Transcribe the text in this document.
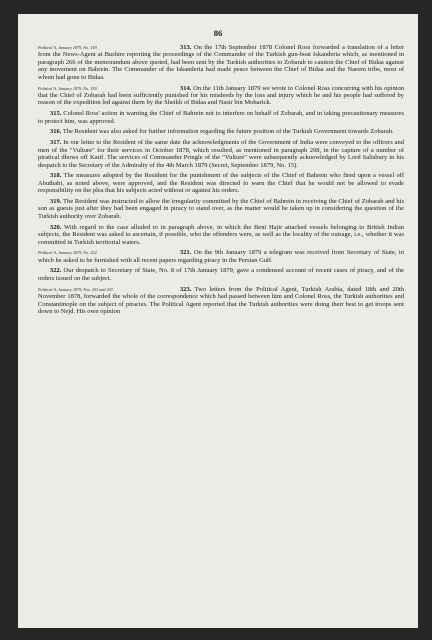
86

Political A, January 1879, No. 159.	313. On the 17th September 1878 Colonel Ross forwarded a translation of a letter from the News-Agent at Bushire reporting the proceedings of the Commander of the Turkish gun-boat Iskanderia which, as mentioned in paragraph 266 of the memorandum above quoted, had been sent by the Turkish authorities to Zobarah to caution the Chief of Bidaa against any movement on Bahrein. The Commander of the Iskanderia had made peace between the Chief of Bidaa and the Naeem tribe, most of whom had gone to Bidaa.

Political A, January 1879, No. 159.	314. On the 11th January 1879 we wrote to Colonel Ross concurring with his opinion that the Chief of Zobarah had been sufficiently punished for his misdeeds by the loss and injury which he and his people had suffered by reason of the expedition led against them by the Sheikh of Bidaa and Nasir bin Mobarick.

315. Colonel Ross' action in warning the Chief of Bahrein not to interfere on behalf of Zobarah, and in taking precautionary measures to protect him, was approved.

316. The Resident was also asked for further information regarding the future position of the Turkish Government towards Zobarah.

317. In our letter to the Resident of the same date the acknowledgments of the Government of India were conveyed to the officers and men of the "Vulture" for their services in October 1878, which resulted, as mentioned in paragraph 298, in the capture of a number of piratical dhows off Katif. The services of Commander Pringle of the "Vulture" were subsequently acknowledged by Lord Salisbury in his despatch to the Secretary of the Admiralty of the 4th March 1879 (Secret, September 1879, No. 15).

318. The measures adopted by the Resident for the punishment of the subjects of the Chief of Bahrein who fired upon a vessel off Abuthabi, as noted above, were approved, and the Resident was directed to warn the Chief that he would not be allowed to evade responsibility on the plea that his subjects acted without or against his orders.

319. The Resident was instructed to allow the irregularity committed by the Chief of Bahrein in receiving the Chief of Zobarah and his son as guests just after they had been engaged in piracy to stand over, as the matter would be taken up in considering the question of the Turkish authority over Zobarah.

320. With regard to the case alluded to in paragraph above, in which the Beni Hajir attacked vessels belonging to British Indian subjects, the Resident was asked to ascertain, if possible, who the offenders were, as well as the locality of the outrage, i.e., whether it was committed in Turkish territorial waters.

Political A, January 1879, No. 252.	321. On the 9th January 1879 a telegram was received from Secretary of State, in which he asked to be furnished with all recent papers regarding piracy in the Persian Gulf.

322. Our despatch to Secretary of State, No. 8 of 17th January 1879, gave a condensed account of recent cases of piracy, and of the orders issued on the subject.

Political A, January 1879, Nos. 203 and 207.	323. Two letters from the Political Agent, Turkish Arabia, dated 18th and 20th November 1878, forwarded the whole of the correspondence which had passed between him and Colonel Ross, the Turkish authorities and Constantinople on the subject of piracies. The Political Agent reported that the Turkish authorities were doing their best to get troops sent down to Nejd. His own opinion
